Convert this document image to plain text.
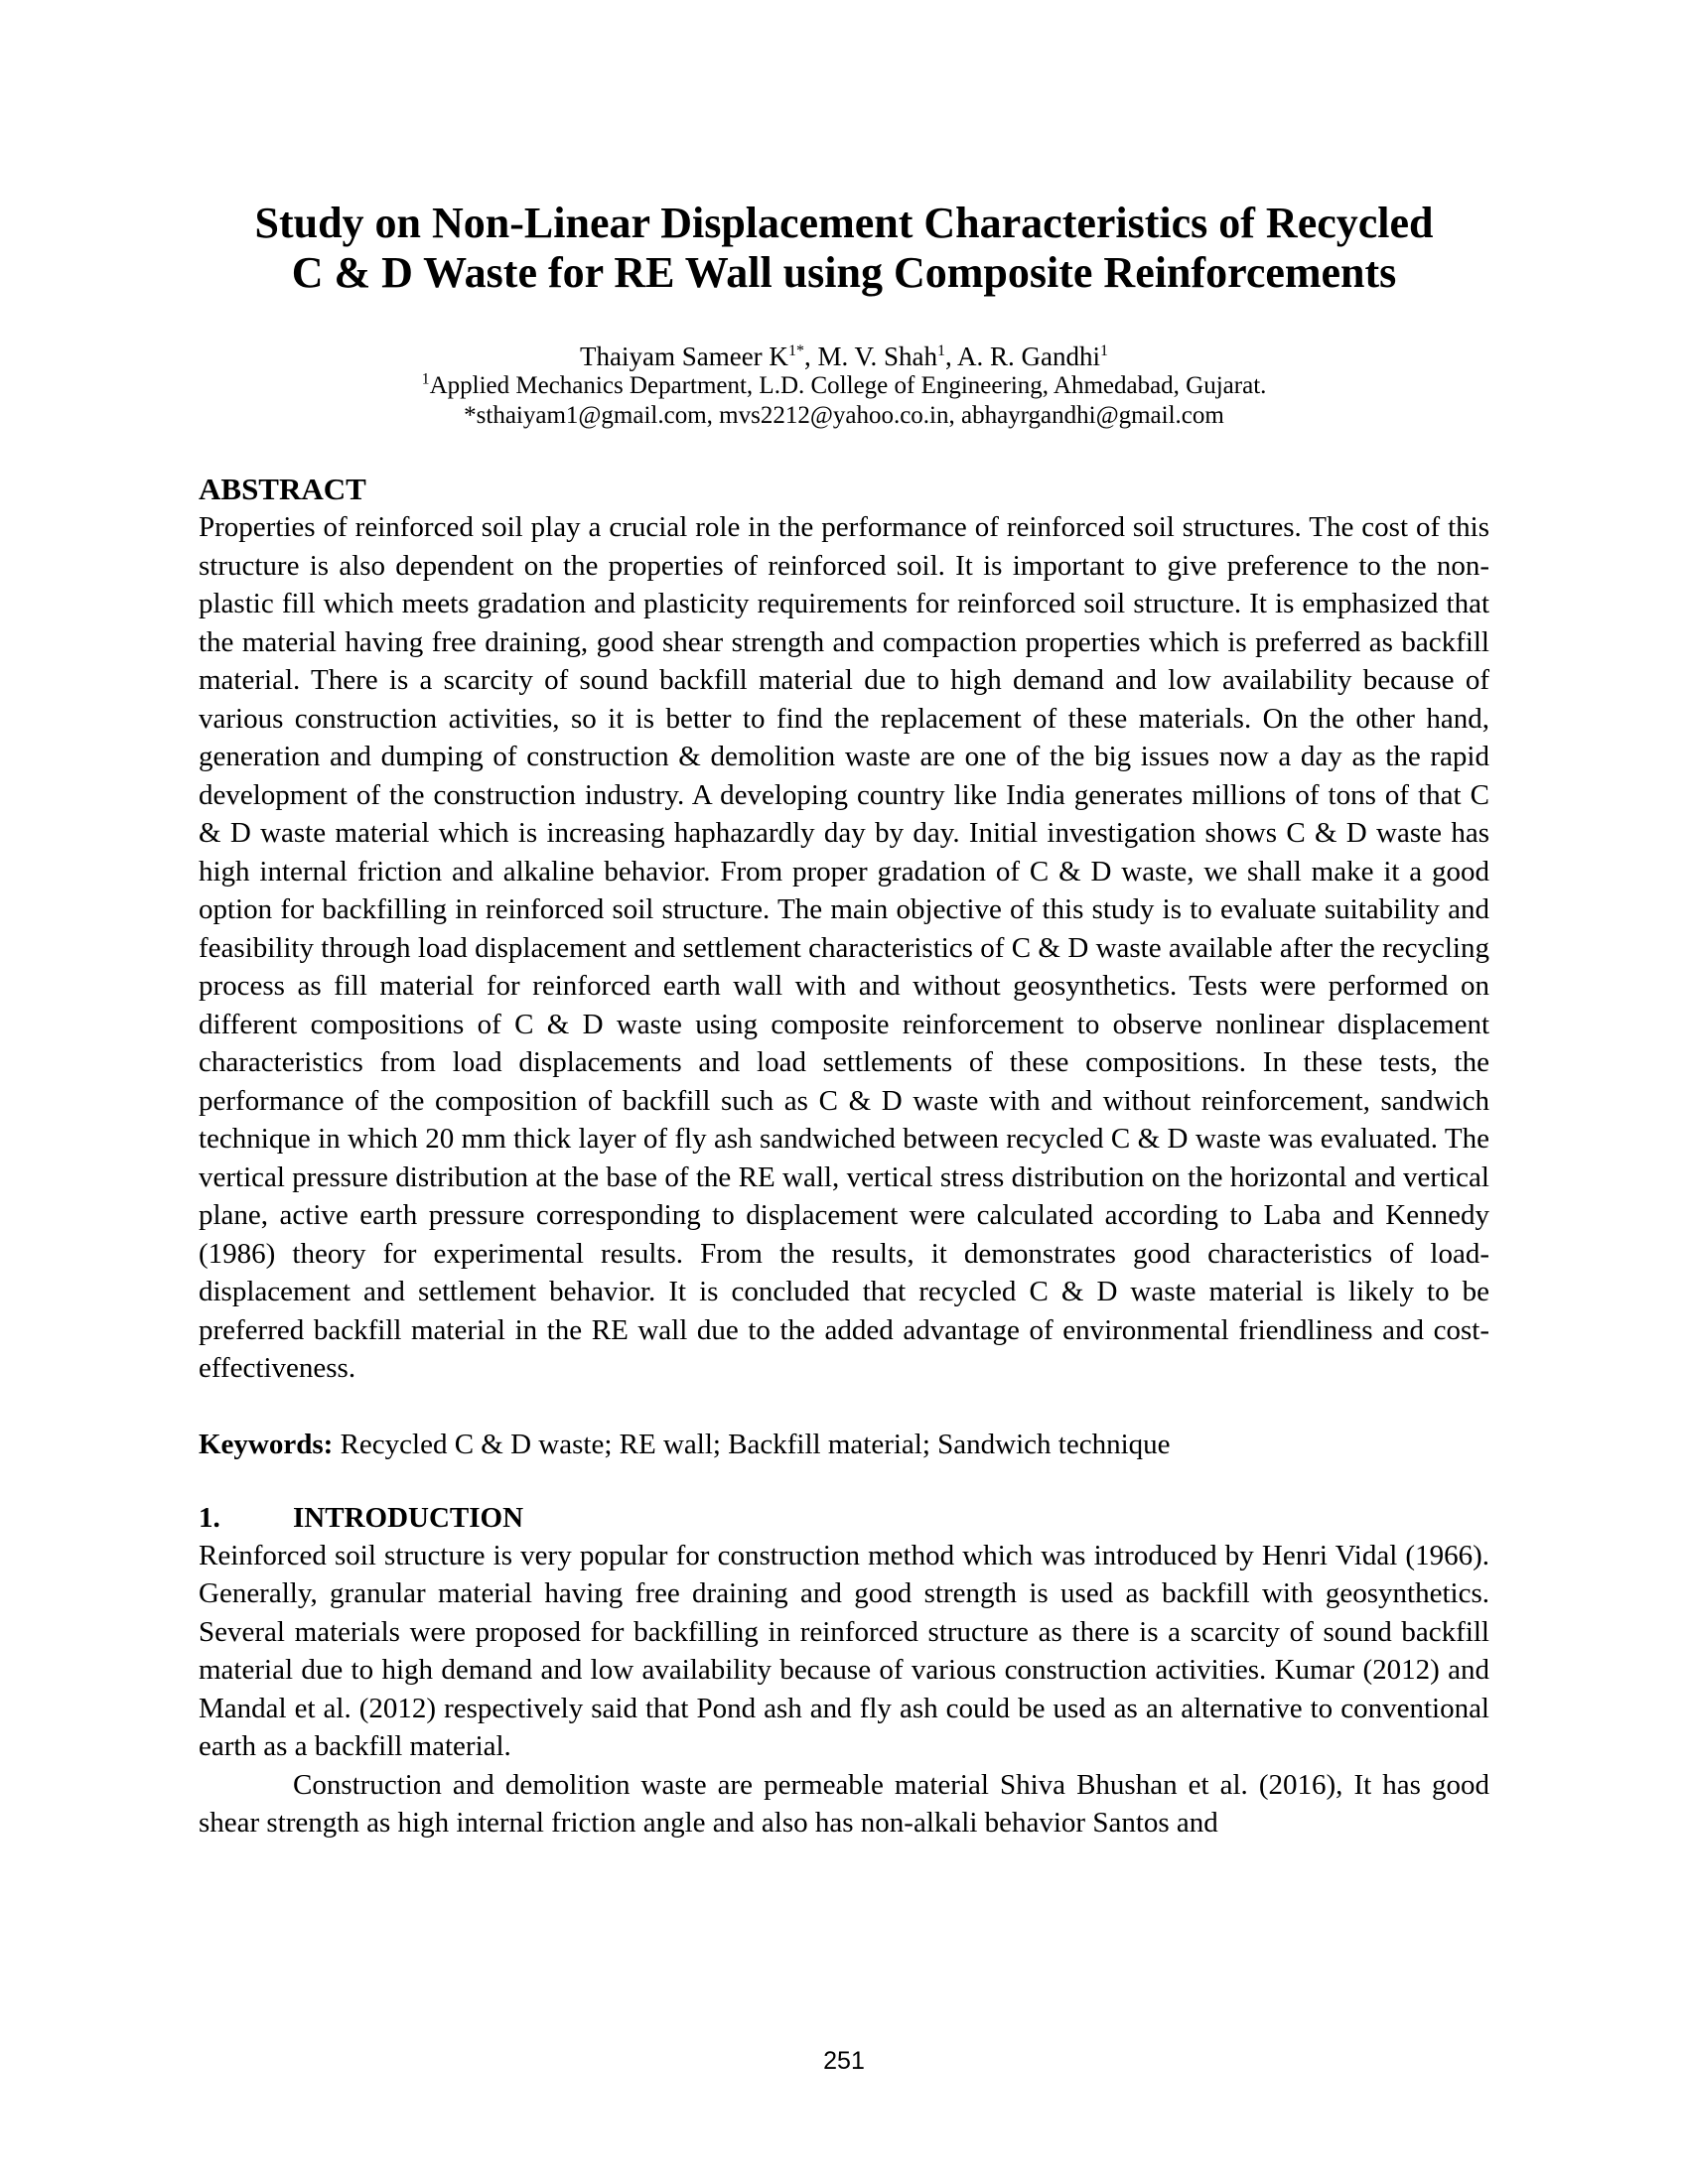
Study on Non-Linear Displacement Characteristics of Recycled
C & D Waste for RE Wall using Composite Reinforcements
Thaiyam Sameer $K^{1*}$, M. V. Shah$^1$, A. R. Gandhi$^1$
$^1$Applied Mechanics Department, L.D. College of Engineering, Ahmedabad, Gujarat.
*sthaiyam1@gmail.com, mvs2212@yahoo.co.in, abhayrgandhi@gmail.com
ABSTRACT

Properties of reinforced soil play a crucial role in the performance of reinforced soil structures. The cost of this structure is also dependent on the properties of reinforced soil. It is important to give preference to the non-plastic fill which meets gradation and plasticity requirements for reinforced soil structure. It is emphasized that the material having free draining, good shear strength and compaction properties which is preferred as backfill material. There is a scarcity of sound backfill material due to high demand and low availability because of various construction activities, so it is better to find the replacement of these materials. On the other hand, generation and dumping of construction & demolition waste are one of the big issues now a day as the rapid development of the construction industry. A developing country like India generates millions of tons of that C & D waste material which is increasing haphazardly day by day. Initial investigation shows C & D waste has high internal friction and alkaline behavior. From proper gradation of C & D waste, we shall make it a good option for backfilling in reinforced soil structure. The main objective of this study is to evaluate suitability and feasibility through load displacement and settlement characteristics of C & D waste available after the recycling process as fill material for reinforced earth wall with and without geosynthetics. Tests were performed on different compositions of C & D waste using composite reinforcement to observe nonlinear displacement characteristics from load displacements and load settlements of these compositions. In these tests, the performance of the composition of backfill such as C & D waste with and without reinforcement, sandwich technique in which 20 mm thick layer of fly ash sandwiched between recycled C & D waste was evaluated. The vertical pressure distribution at the base of the RE wall, vertical stress distribution on the horizontal and vertical plane, active earth pressure corresponding to displacement were calculated according to Laba and Kennedy (1986) theory for experimental results. From the results, it demonstrates good characteristics of load-displacement and settlement behavior. It is concluded that recycled C & D waste material is likely to be preferred backfill material in the RE wall due to the added advantage of environmental friendliness and cost-effectiveness.

Keywords: Recycled C & D waste; RE wall; Backfill material; Sandwich technique
1.	INTRODUCTION

Reinforced soil structure is very popular for construction method which was introduced by Henri Vidal (1966). Generally, granular material having free draining and good strength is used as backfill with geosynthetics. Several materials were proposed for backfilling in reinforced structure as there is a scarcity of sound backfill material due to high demand and low availability because of various construction activities. Kumar (2012) and Mandal et al. (2012) respectively said that Pond ash and fly ash could be used as an alternative to conventional earth as a backfill material.

Construction and demolition waste are permeable material Shiva Bhushan et al. (2016), It has good shear strength as high internal friction angle and also has non-alkali behavior Santos and

251
